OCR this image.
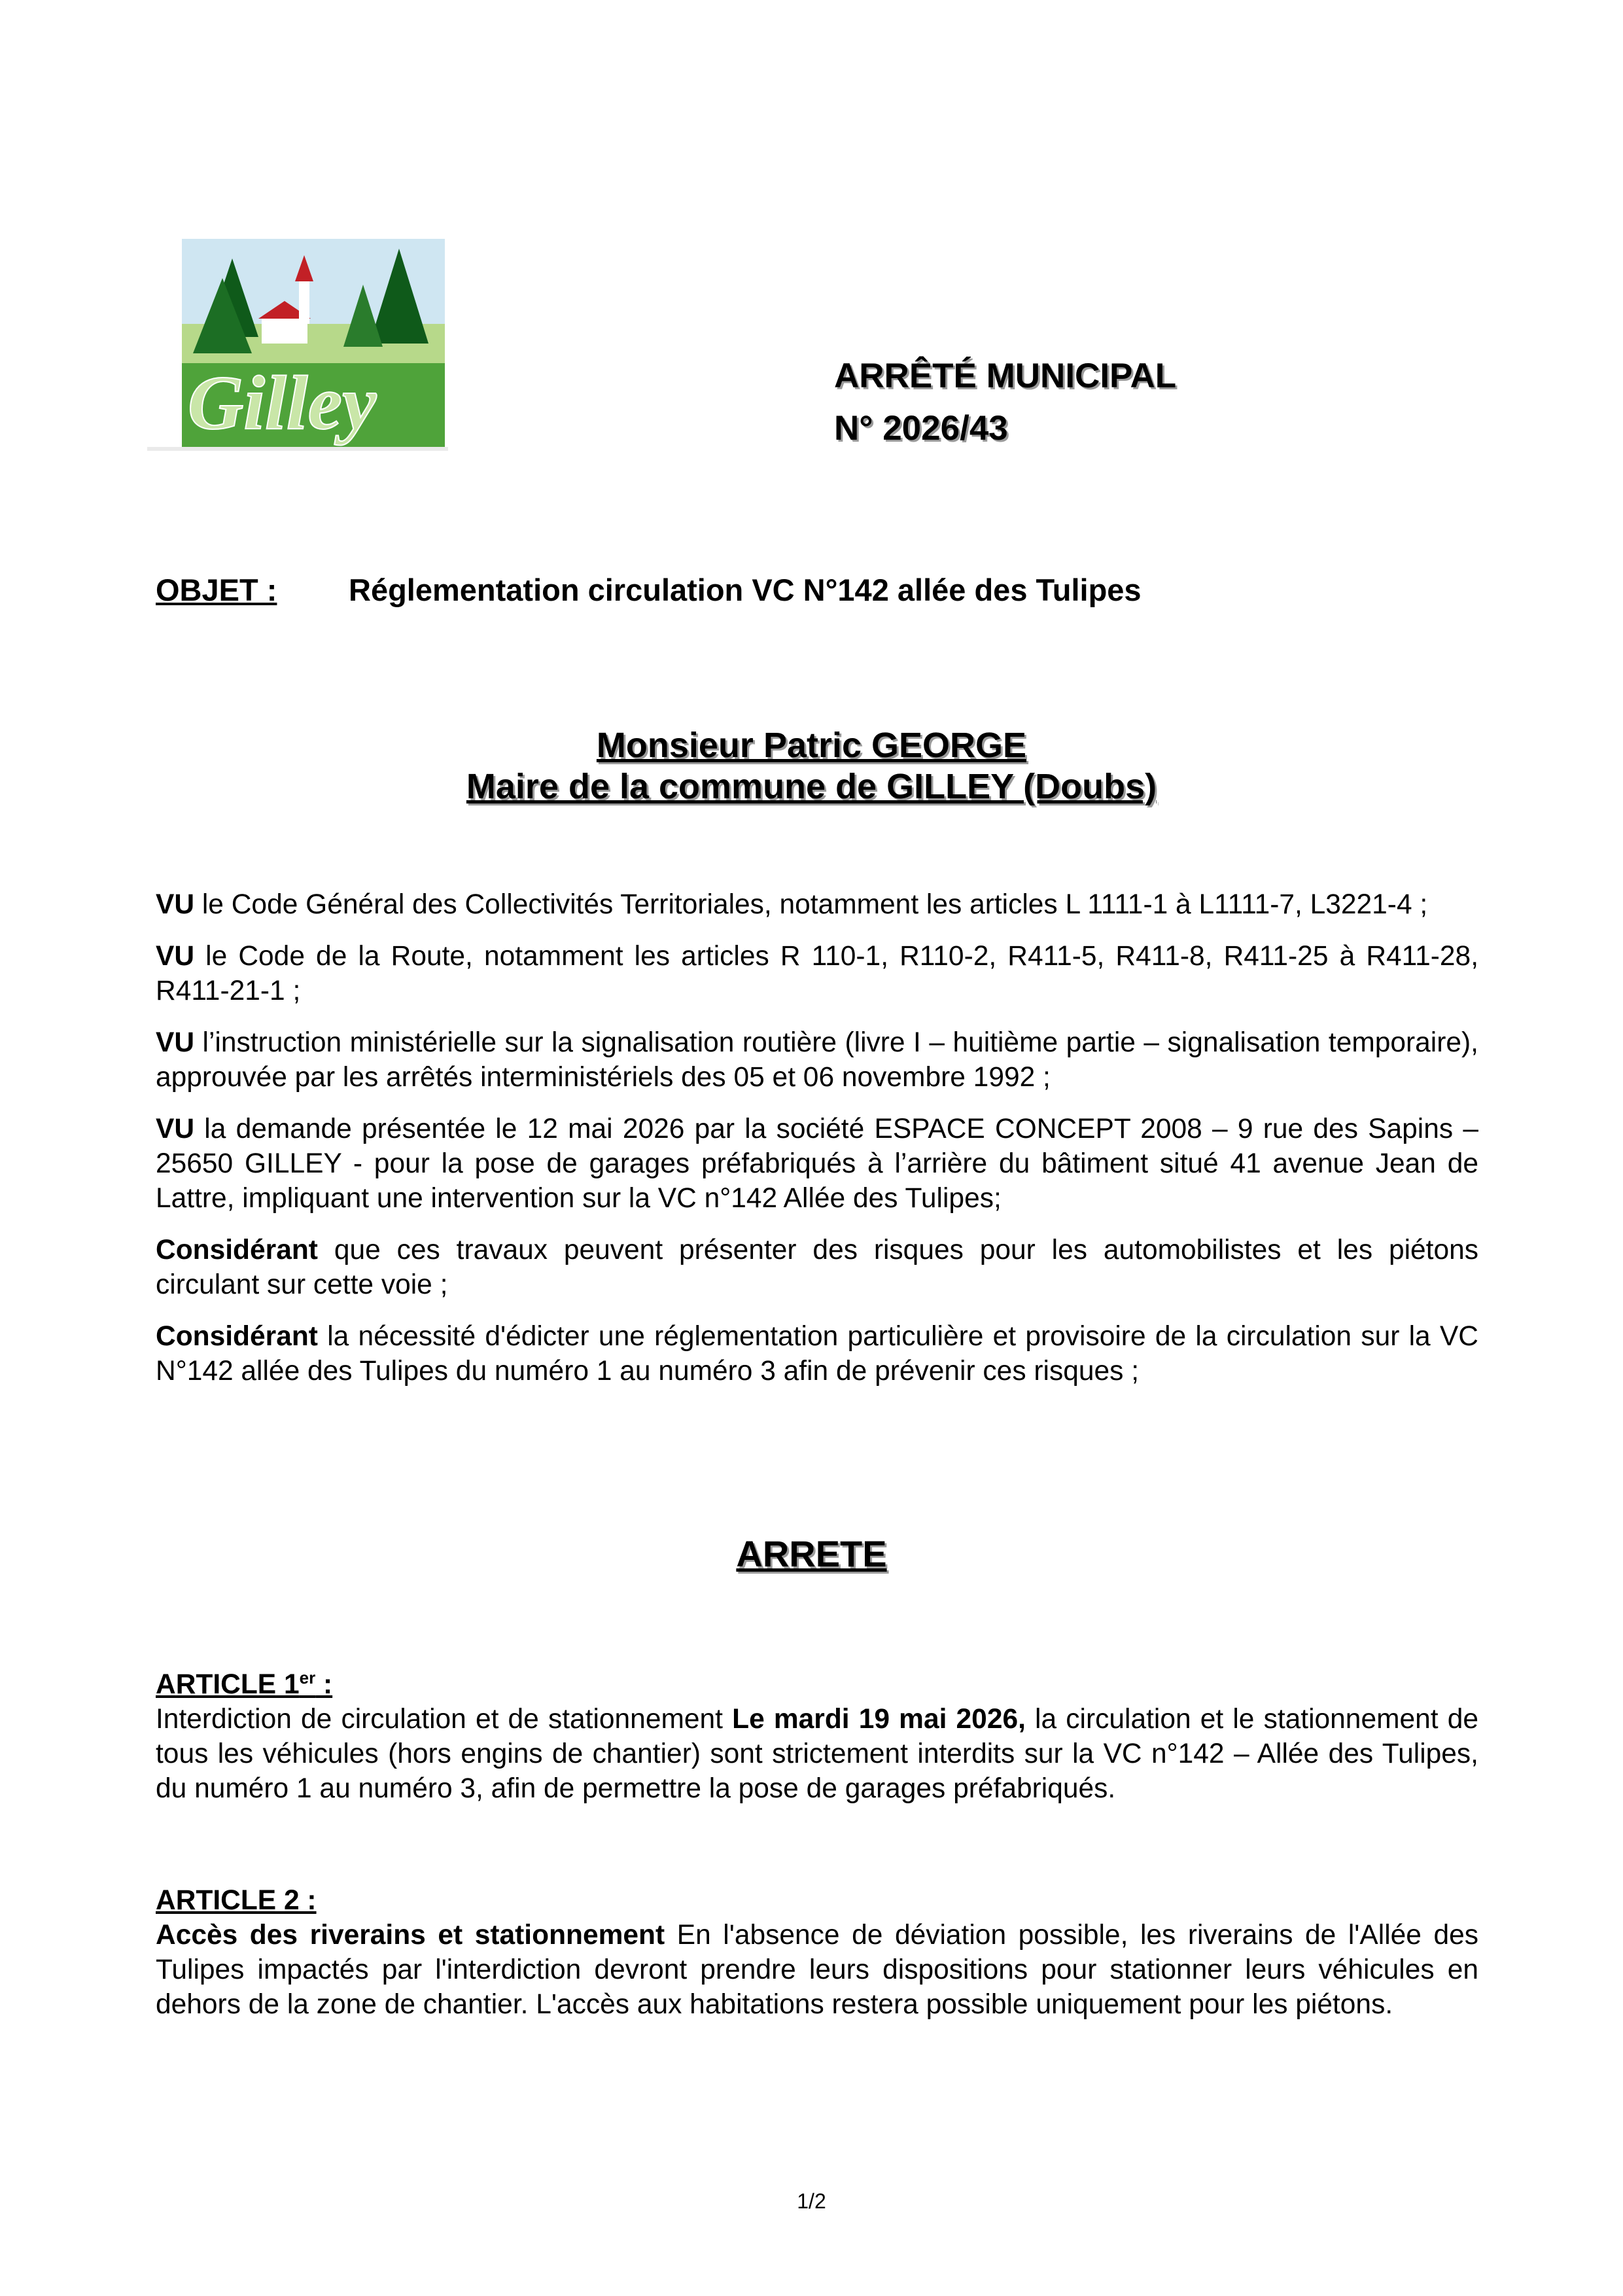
Gilley	ARRÊTÉ MUNICIPAL
N° 2026/43
OBJET : Réglementation circulation VC N°142 allée des Tulipes
Monsieur Patric GEORGE
Maire de la commune de GILLEY (Doubs)

VU le Code Général des Collectivités Territoriales, notamment les articles L 1111-1 à L1111-7, L3221-4 ;

VU le Code de la Route, notamment les articles R 110-1, R110-2, R411-5, R411-8, R411-25 à R411-28, R411-21-1 ;

VU l’instruction ministérielle sur la signalisation routière (livre I – huitième partie – signalisation temporaire), approuvée par les arrêtés interministériels des 05 et 06 novembre 1992 ;

VU la demande présentée le 12 mai 2026 par la société ESPACE CONCEPT 2008 – 9 rue des Sapins – 25650 GILLEY - pour la pose de garages préfabriqués à l’arrière du bâtiment situé 41 avenue Jean de Lattre, impliquant une intervention sur la VC n°142 Allée des Tulipes;

Considérant que ces travaux peuvent présenter des risques pour les automobilistes et les piétons circulant sur cette voie ;

Considérant la nécessité d'édicter une réglementation particulière et provisoire de la circulation sur la VC N°142 allée des Tulipes du numéro 1 au numéro 3 afin de prévenir ces risques ;

ARRETE
ARTICLE 1er :
Interdiction de circulation et de stationnement Le mardi 19 mai 2026, la circulation et le stationnement de tous les véhicules (hors engins de chantier) sont strictement interdits sur la VC n°142 – Allée des Tulipes, du numéro 1 au numéro 3, afin de permettre la pose de garages préfabriqués.
ARTICLE 2 :
Accès des riverains et stationnement En l'absence de déviation possible, les riverains de l'Allée des Tulipes impactés par l'interdiction devront prendre leurs dispositions pour stationner leurs véhicules en dehors de la zone de chantier. L'accès aux habitations restera possible uniquement pour les piétons.
1/2
